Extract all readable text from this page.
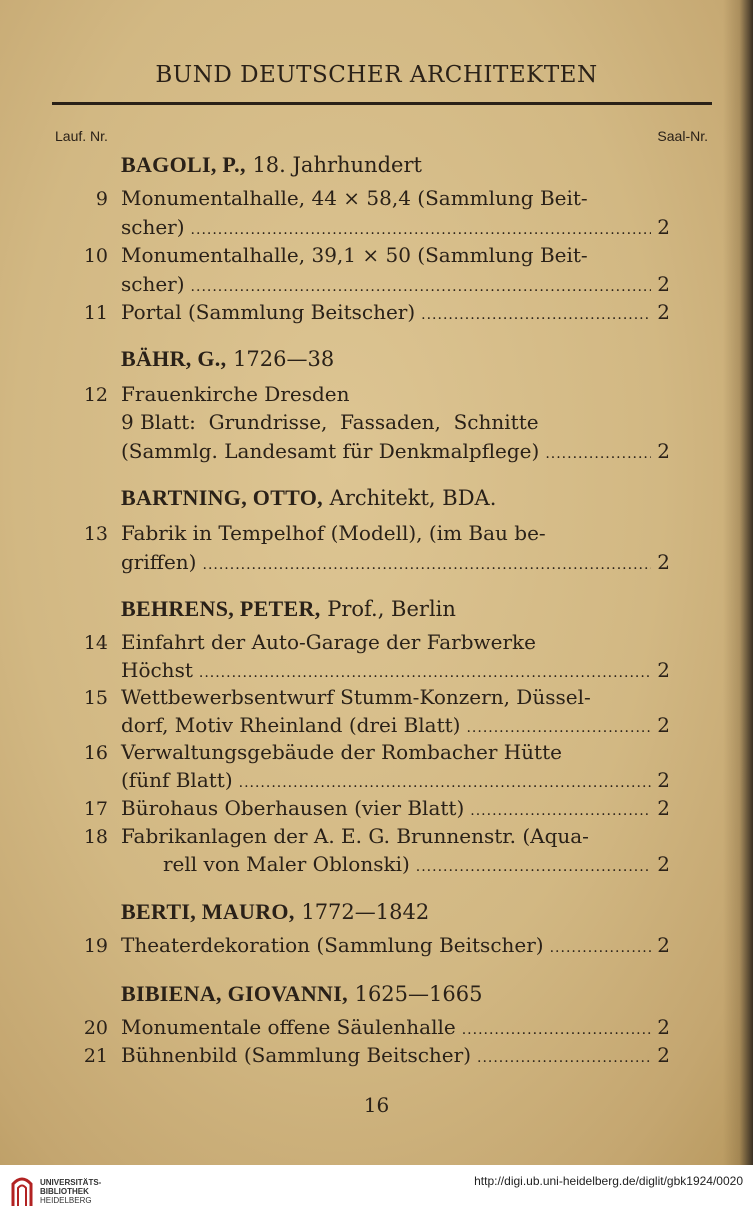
BUND DEUTSCHER ARCHITEKTEN
Lauf. Nr.	Saal-Nr.
BAGOLI, P., 18. Jahrhundert
9 Monumentalhalle, 44 × 58,4 (Sammlung Beit-
scher) .....	2
10 Monumentalhalle, 39,1 × 50 (Sammlung Beit-
scher) .....	2
11 Portal (Sammlung Beitscher) .....	2
BÄHR, G., 1726—38
12 Frauenkirche Dresden
9 Blatt:  Grundrisse,  Fassaden,  Schnitte
(Sammlg. Landesamt für Denkmalpflege) .....	2
BARTNING, OTTO, Architekt, BDA.
13 Fabrik in Tempelhof (Modell), (im Bau be-
griffen) .....	2
BEHRENS, PETER, Prof., Berlin
14 Einfahrt der Auto-Garage der Farbwerke
Höchst .....	2
15 Wettbewerbsentwurf Stumm-Konzern, Düssel-
dorf, Motiv Rheinland (drei Blatt) .....	2
16 Verwaltungsgebäude der Rombacher Hütte
(fünf Blatt) .....	2
17 Bürohaus Oberhausen (vier Blatt) .....	2
18 Fabrikanlagen der A. E. G. Brunnenstr. (Aqua-
rell von Maler Oblonski) .....	2
BERTI, MAURO, 1772—1842
19 Theaterdekoration (Sammlung Beitscher) .....	2
BIBIENA, GIOVANNI, 1625—1665
20 Monumentale offene Säulenhalle .....	2
21 Bühnenbild (Sammlung Beitscher) .....	2
16
UNIVERSITÄTS-
BIBLIOTHEK
HEIDELBERG
http://digi.ub.uni-heidelberg.de/diglit/gbk1924/0020
